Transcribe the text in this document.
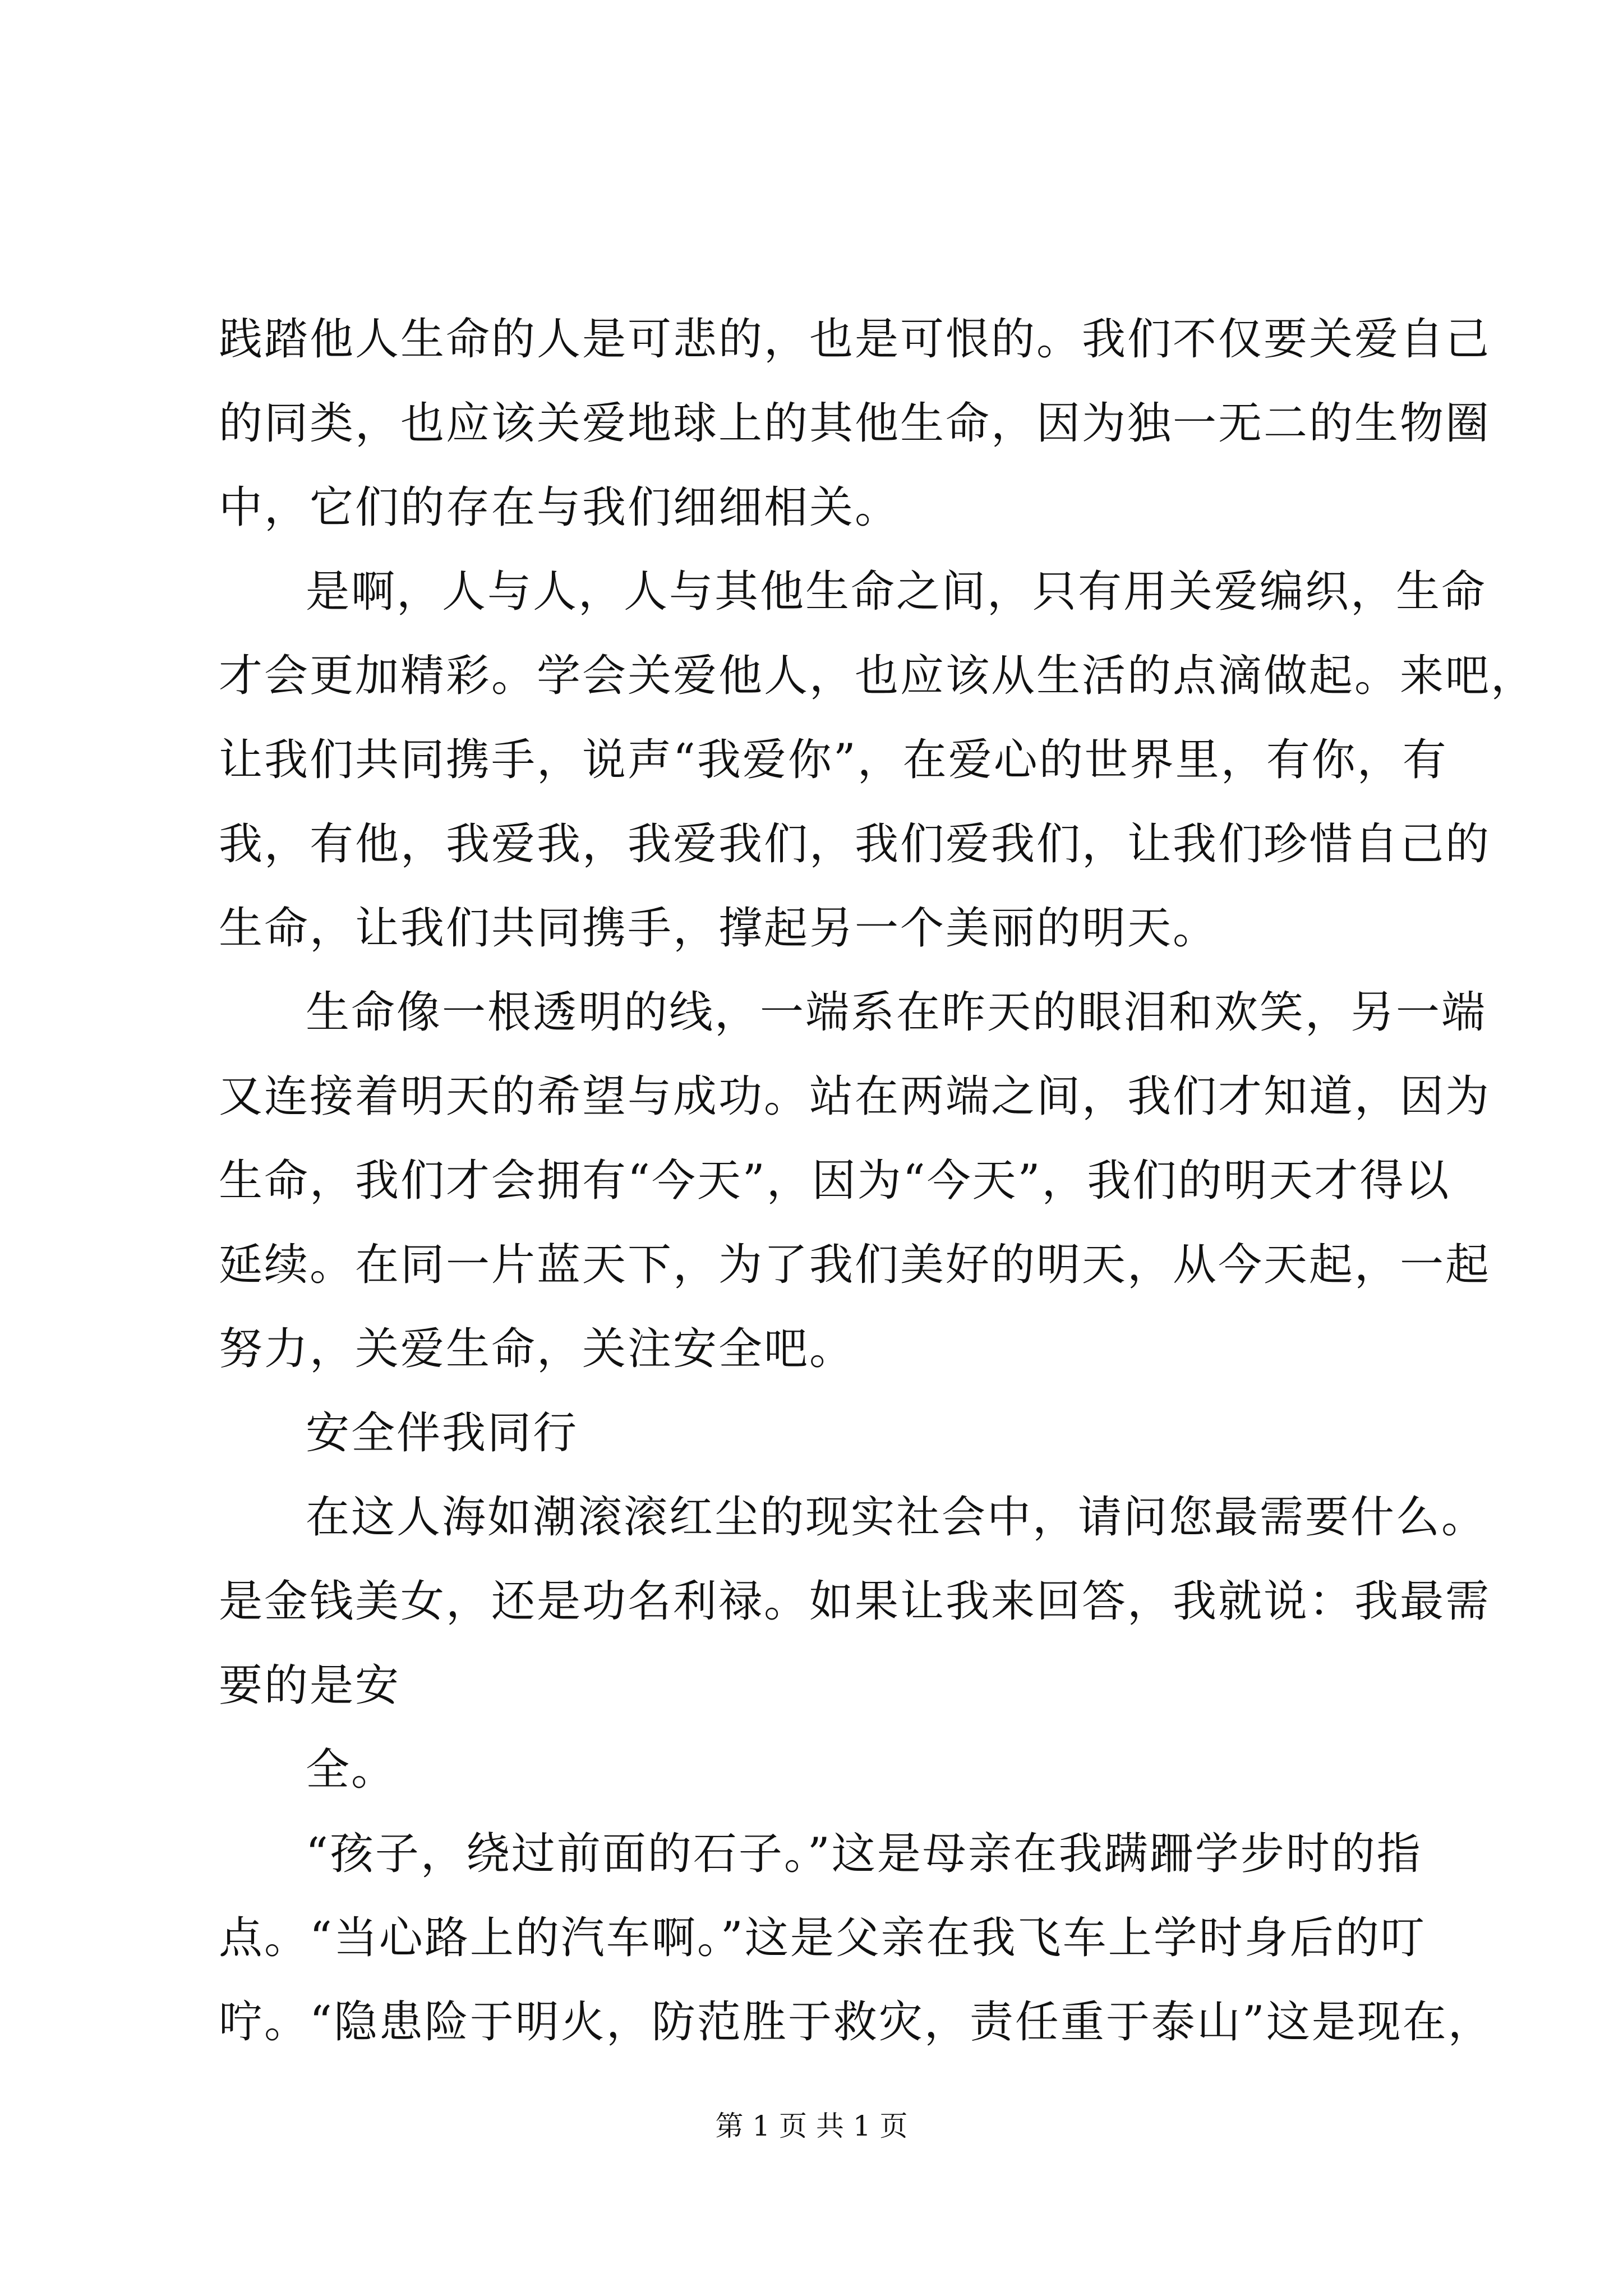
践踏他人生命的人是可悲的，也是可恨的。我们不仅要关爱自己
的同类，也应该关爱地球上的其他生命，因为独一无二的生物圈
中，它们的存在与我们细细相关。
是啊，人与人，人与其他生命之间，只有用关爱编织，生命
才会更加精彩。学会关爱他人，也应该从生活的点滴做起。来吧，
让我们共同携手，说声“我爱你”，在爱心的世界里，有你，有
我，有他，我爱我，我爱我们，我们爱我们，让我们珍惜自己的
生命，让我们共同携手，撑起另一个美丽的明天。
生命像一根透明的线，一端系在昨天的眼泪和欢笑，另一端
又连接着明天的希望与成功。站在两端之间，我们才知道，因为
生命，我们才会拥有“今天”，因为“今天”，我们的明天才得以
延续。在同一片蓝天下，为了我们美好的明天，从今天起，一起
努力，关爱生命，关注安全吧。
安全伴我同行
在这人海如潮滚滚红尘的现实社会中，请问您最需要什么。
是金钱美女，还是功名利禄。如果让我来回答，我就说：我最需
要的是安
全。
“孩子，绕过前面的石子。”这是母亲在我蹒跚学步时的指
点。“当心路上的汽车啊。”这是父亲在我飞车上学时身后的叮
咛。“隐患险于明火，防范胜于救灾，责任重于泰山”这是现在，
第 1 页 共 1 页
